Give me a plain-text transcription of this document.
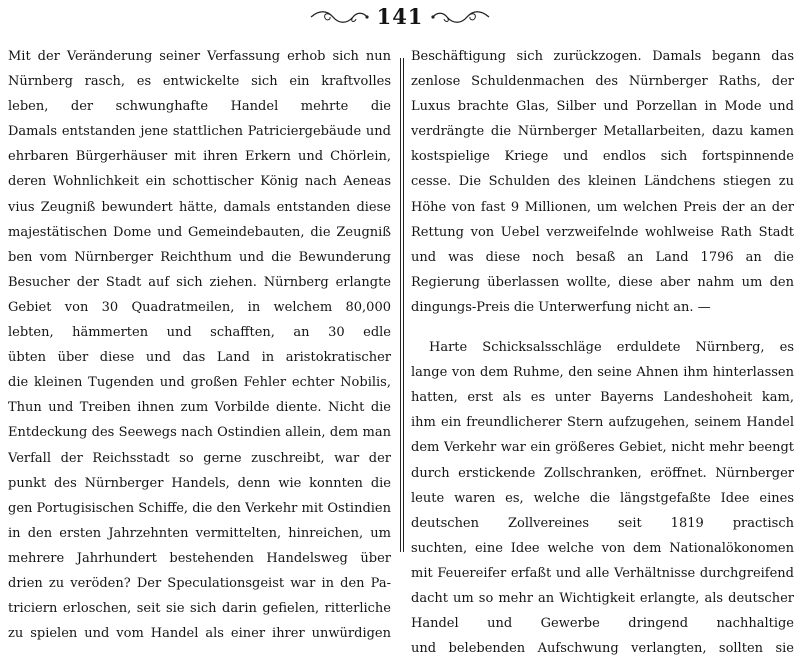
141
Mit der Veränderung seiner Verfassung erhob sich nun
Nürnberg rasch, es entwickelte sich ein kraftvolles
leben, der schwunghafte Handel mehrte die
Damals entstanden jene stattlichen Patriciergebäude und
ehrbaren Bürgerhäuser mit ihren Erkern und Chörlein,
deren Wohnlichkeit ein schottischer König nach Aeneas
vius Zeugniß bewundert hätte, damals entstanden diese
majestätischen Dome und Gemeindebauten, die Zeugniß
ben vom Nürnberger Reichthum und die Bewunderung
Besucher der Stadt auf sich ziehen. Nürnberg erlangte
Gebiet von 30 Quadratmeilen, in welchem 80,000
lebten, hämmerten und schafften, an 30 edle
übten über diese und das Land in aristokratischer
die kleinen Tugenden und großen Fehler echter Nobilis,
Thun und Treiben ihnen zum Vorbilde diente. Nicht die
Entdeckung des Seewegs nach Ostindien allein, dem man
Verfall der Reichsstadt so gerne zuschreibt, war der
punkt des Nürnberger Handels, denn wie konnten die
gen Portugisischen Schiffe, die den Verkehr mit Ostindien
in den ersten Jahrzehnten vermittelten, hinreichen, um
mehrere Jahrhundert bestehenden Handelsweg über
drien zu veröden? Der Speculationsgeist war in den Pa-
triciern erloschen, seit sie sich darin gefielen, ritterliche
zu spielen und vom Handel als einer ihrer unwürdigen
Beschäftigung sich zurückzogen. Damals begann das
zenlose Schuldenmachen des Nürnberger Raths, der
Luxus brachte Glas, Silber und Porzellan in Mode und
verdrängte die Nürnberger Metallarbeiten, dazu kamen
kostspielige Kriege und endlos sich fortspinnende
cesse. Die Schulden des kleinen Ländchens stiegen zu
Höhe von fast 9 Millionen, um welchen Preis der an der
Rettung von Uebel verzweifelnde wohlweise Rath Stadt
und was diese noch besaß an Land 1796 an die
Regierung überlassen wollte, diese aber nahm um den
dingungs-Preis die Unterwerfung nicht an. —
Harte Schicksalsschläge erduldete Nürnberg, es
lange von dem Ruhme, den seine Ahnen ihm hinterlassen
hatten, erst als es unter Bayerns Landeshoheit kam,
ihm ein freundlicherer Stern aufzugehen, seinem Handel
dem Verkehr war ein größeres Gebiet, nicht mehr beengt
durch erstickende Zollschranken, eröffnet. Nürnberger
leute waren es, welche die längstgefaßte Idee eines
deutschen Zollvereines seit 1819 practisch
suchten, eine Idee welche von dem Nationalökonomen
mit Feuereifer erfaßt und alle Verhältnisse durchgreifend
dacht um so mehr an Wichtigkeit erlangte, als deutscher
Handel und Gewerbe dringend nachhaltige
und belebenden Aufschwung verlangten, sollten sie
